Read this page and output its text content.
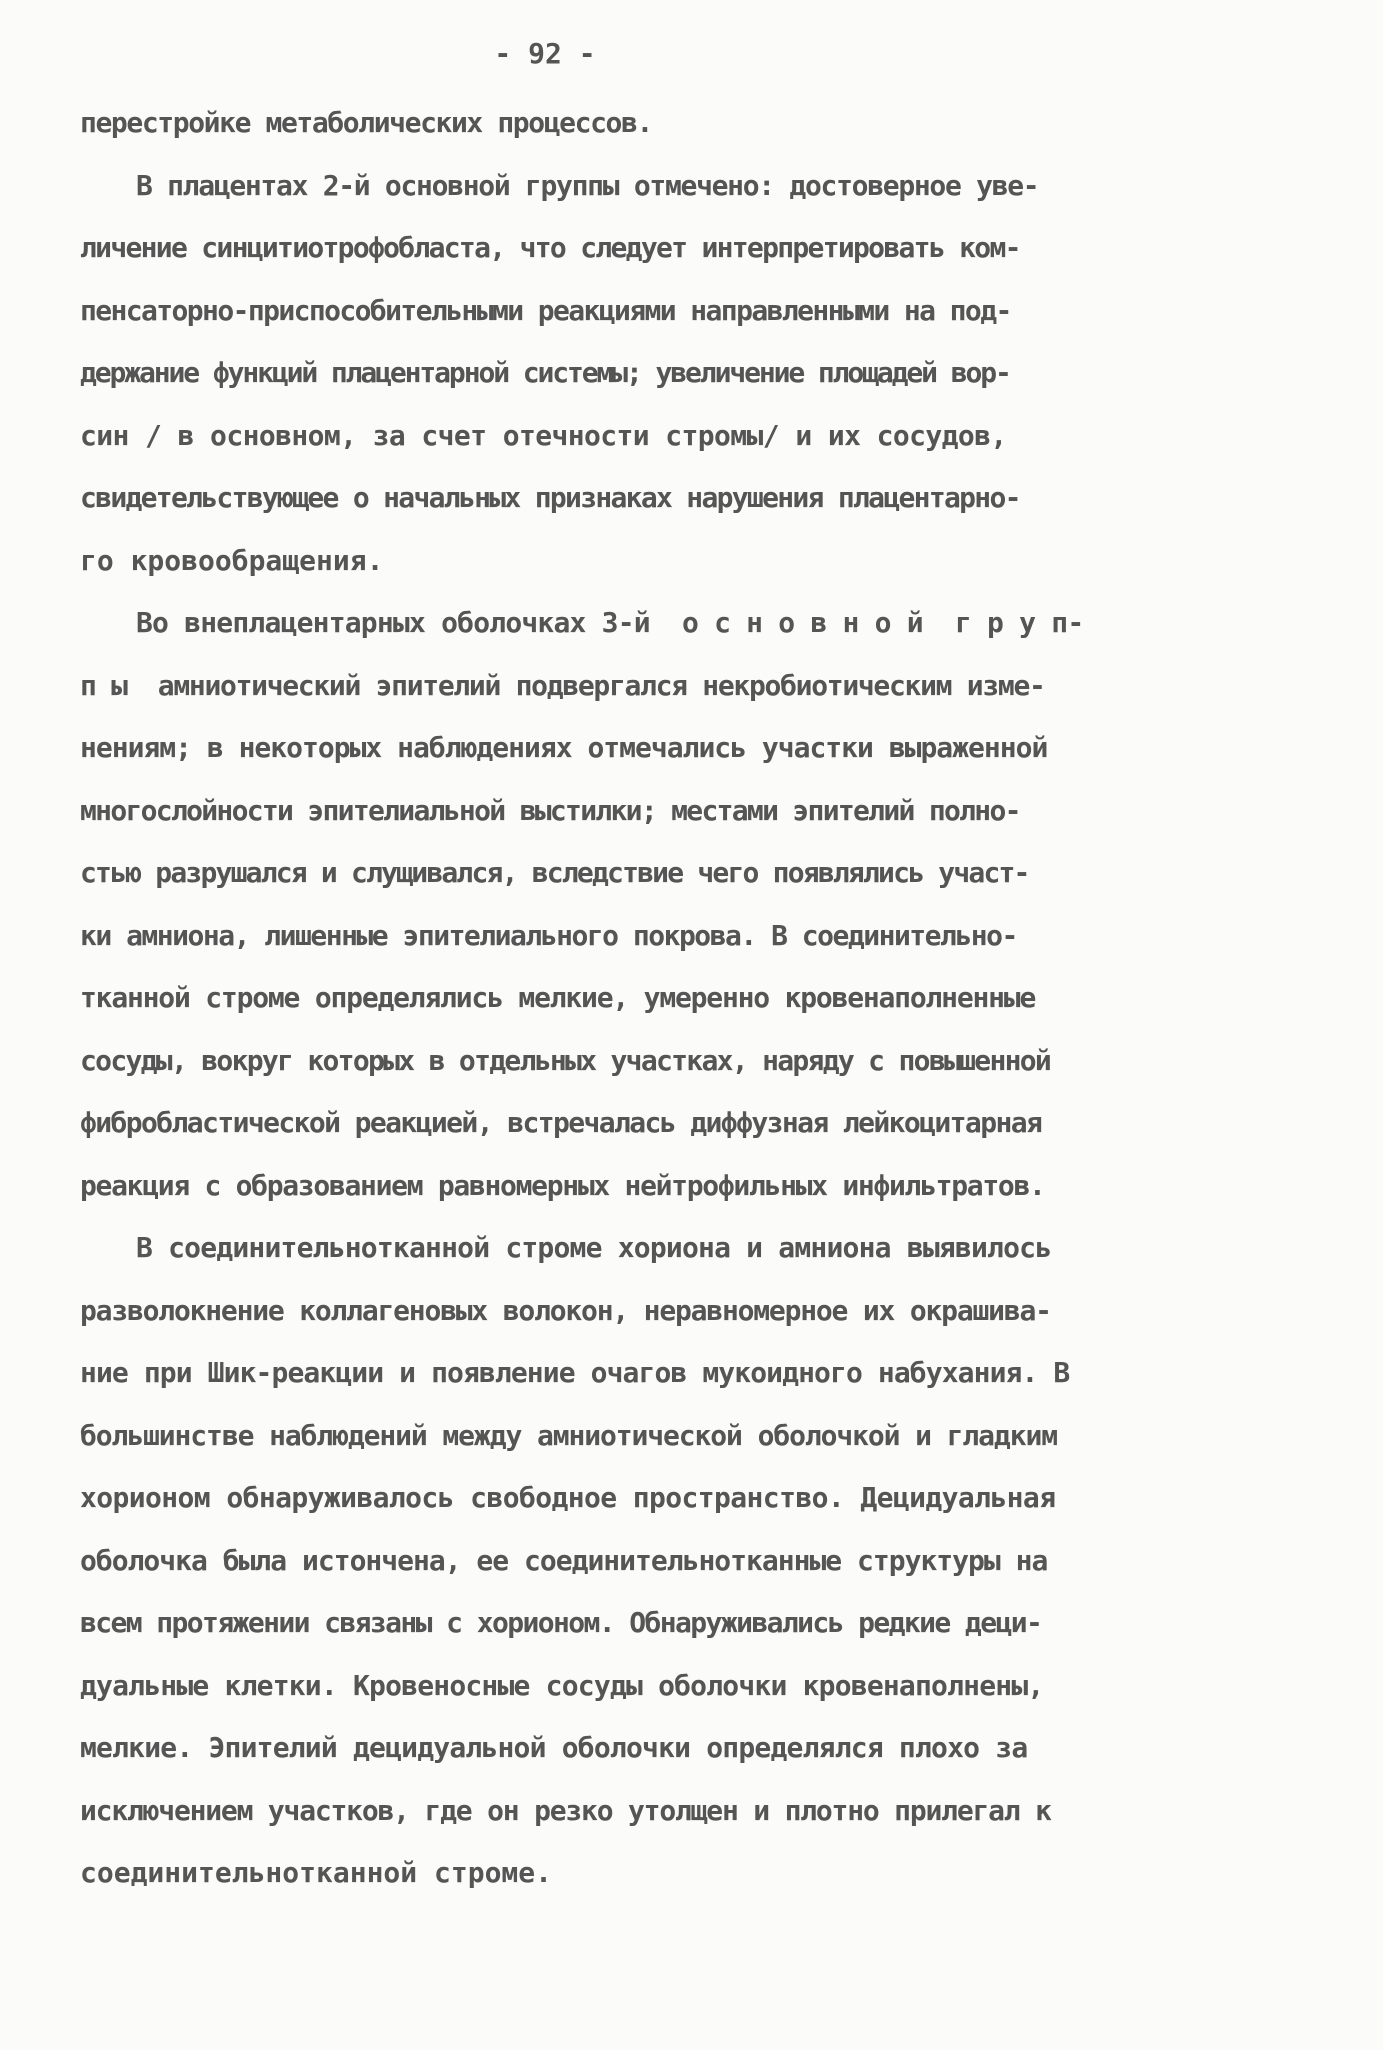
- 92 -
перестройке метаболических процессов.
В плацентах 2-й основной группы отмечено: достоверное уве-
личение синцитиотрофобласта, что следует интерпретировать ком-
пенсаторно-приспособительными реакциями направленными на под-
держание функций плацентарной системы; увеличение площадей вор-
син / в основном, за счет отечности стромы/ и их сосудов,
свидетельствующее о начальных признаках нарушения плацентарно-
го кровообращения.
Во внеплацентарных оболочках 3-й  о с н о в н о й  г р у п-
п ы  амниотический эпителий подвергался некробиотическим изме-
нениям; в некоторых наблюдениях отмечались участки выраженной
многослойности эпителиальной выстилки; местами эпителий полно-
стью разрушался и слущивался, вследствие чего появлялись участ-
ки амниона, лишенные эпителиального покрова. В соединительно-
тканной строме определялись мелкие, умеренно кровенаполненные
сосуды, вокруг которых в отдельных участках, наряду с повышенной
фибробластической реакцией, встречалась диффузная лейкоцитарная
реакция с образованием равномерных нейтрофильных инфильтратов.
В соединительнотканной строме хориона и амниона выявилось
разволокнение коллагеновых волокон, неравномерное их окрашива-
ние при Шик-реакции и появление очагов мукоидного набухания. В
большинстве наблюдений между амниотической оболочкой и гладким
хорионом обнаруживалось свободное пространство. Децидуальная
оболочка была истончена, ее соединительнотканные структуры на
всем протяжении связаны с хорионом. Обнаруживались редкие деци-
дуальные клетки. Кровеносные сосуды оболочки кровенаполнены,
мелкие. Эпителий децидуальной оболочки определялся плохо за
исключением участков, где он резко утолщен и плотно прилегал к
соединительнотканной строме.
